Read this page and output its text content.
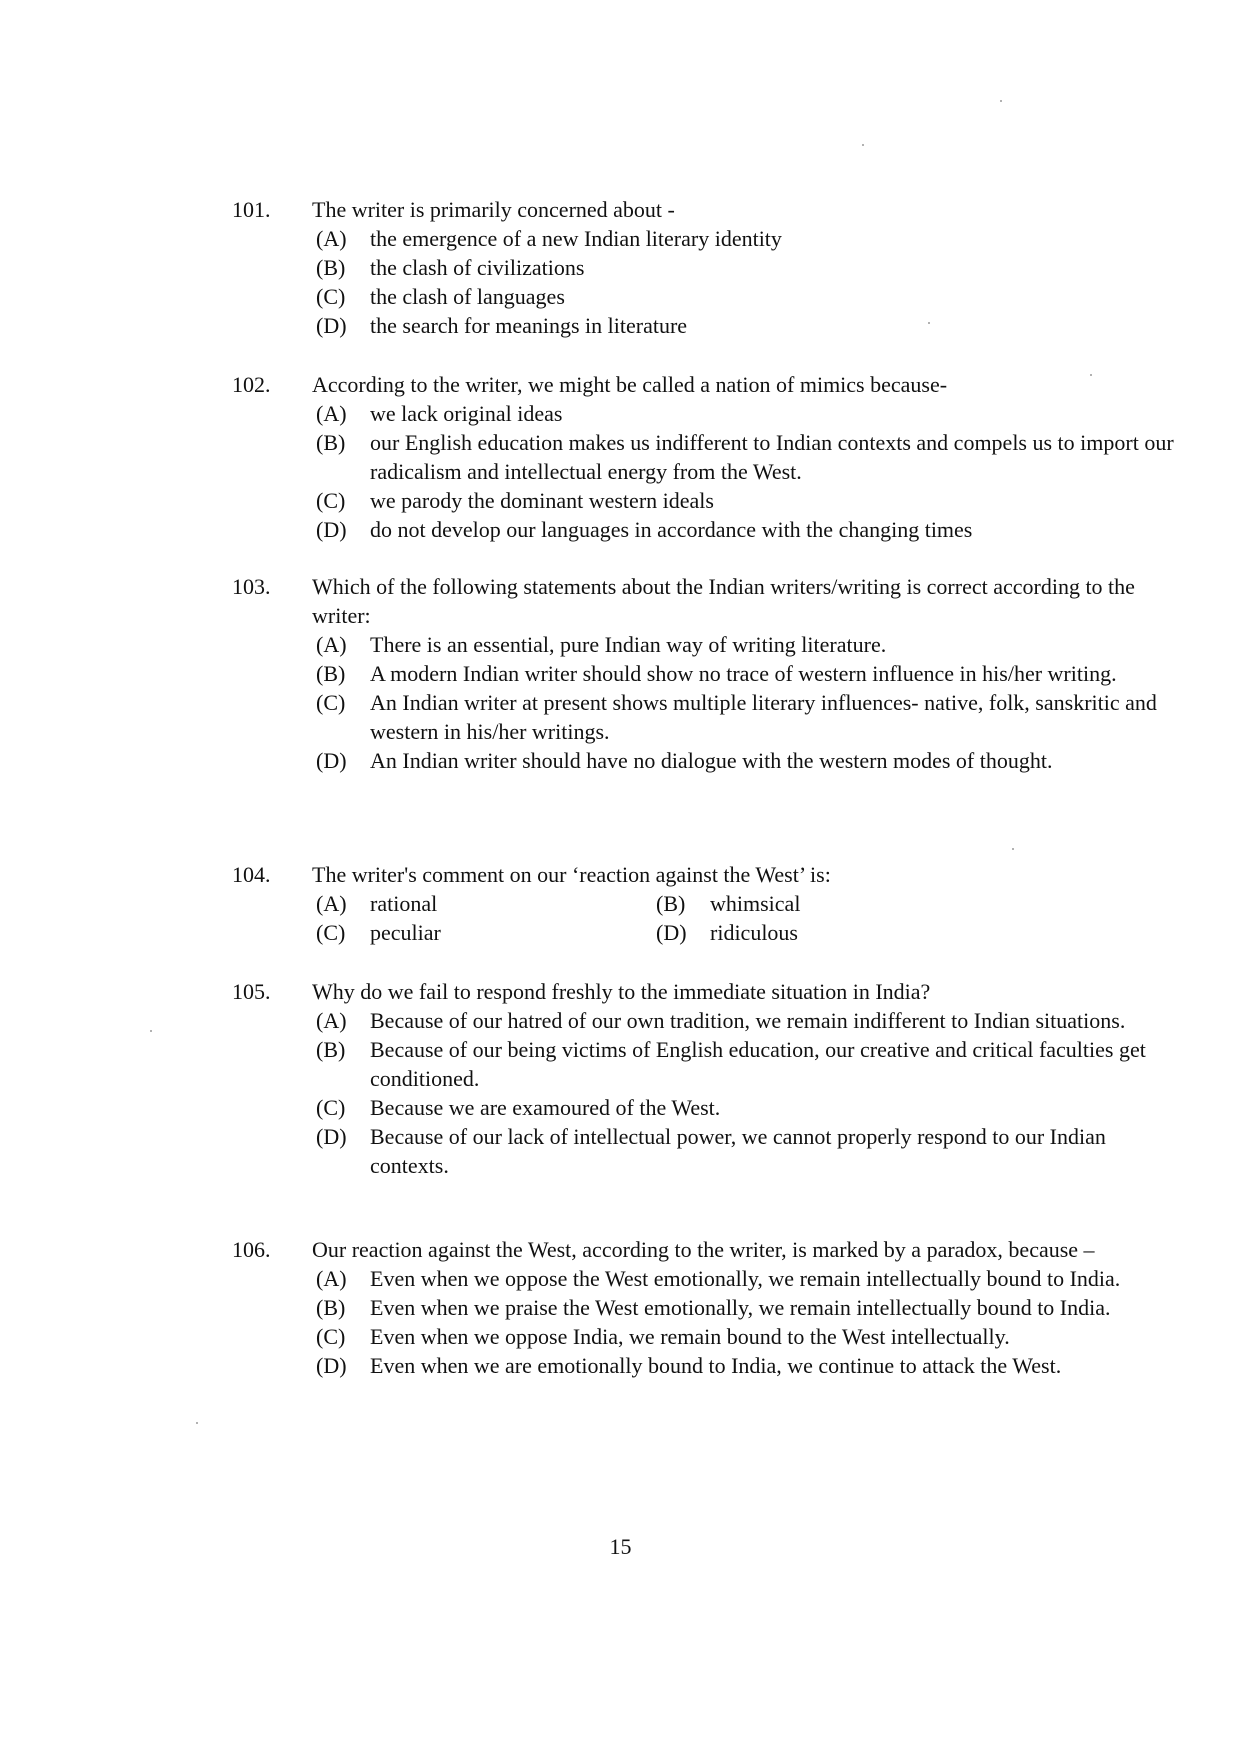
101.	The writer is primarily concerned about -
(A) the emergence of a new Indian literary identity
(B) the clash of civilizations
(C) the clash of languages
(D) the search for meanings in literature
102.	According to the writer, we might be called a nation of mimics because-
(A) we lack original ideas
(B) our English education makes us indifferent to Indian contexts and compels us to import our radicalism and intellectual energy from the West.
(C) we parody the dominant western ideals
(D) do not develop our languages in accordance with the changing times
103.	Which of the following statements about the Indian writers/writing is correct according to the writer:
(A) There is an essential, pure Indian way of writing literature.
(B) A modern Indian writer should show no trace of western influence in his/her writing.
(C) An Indian writer at present shows multiple literary influences- native, folk, sanskritic and western in his/her writings.
(D) An Indian writer should have no dialogue with the western modes of thought.
104.	The writer's comment on our ‘reaction against the West’ is:
(A) rational	(B) whimsical
(C) peculiar	(D) ridiculous
105.	Why do we fail to respond freshly to the immediate situation in India?
(A) Because of our hatred of our own tradition, we remain indifferent to Indian situations.
(B) Because of our being victims of English education, our creative and critical faculties get conditioned.
(C) Because we are examoured of the West.
(D) Because of our lack of intellectual power, we cannot properly respond to our Indian contexts.
106.	Our reaction against the West, according to the writer, is marked by a paradox, because –
(A) Even when we oppose the West emotionally, we remain intellectually bound to India.
(B) Even when we praise the West emotionally, we remain intellectually bound to India.
(C) Even when we oppose India, we remain bound to the West intellectually.
(D) Even when we are emotionally bound to India, we continue to attack the West.
15
